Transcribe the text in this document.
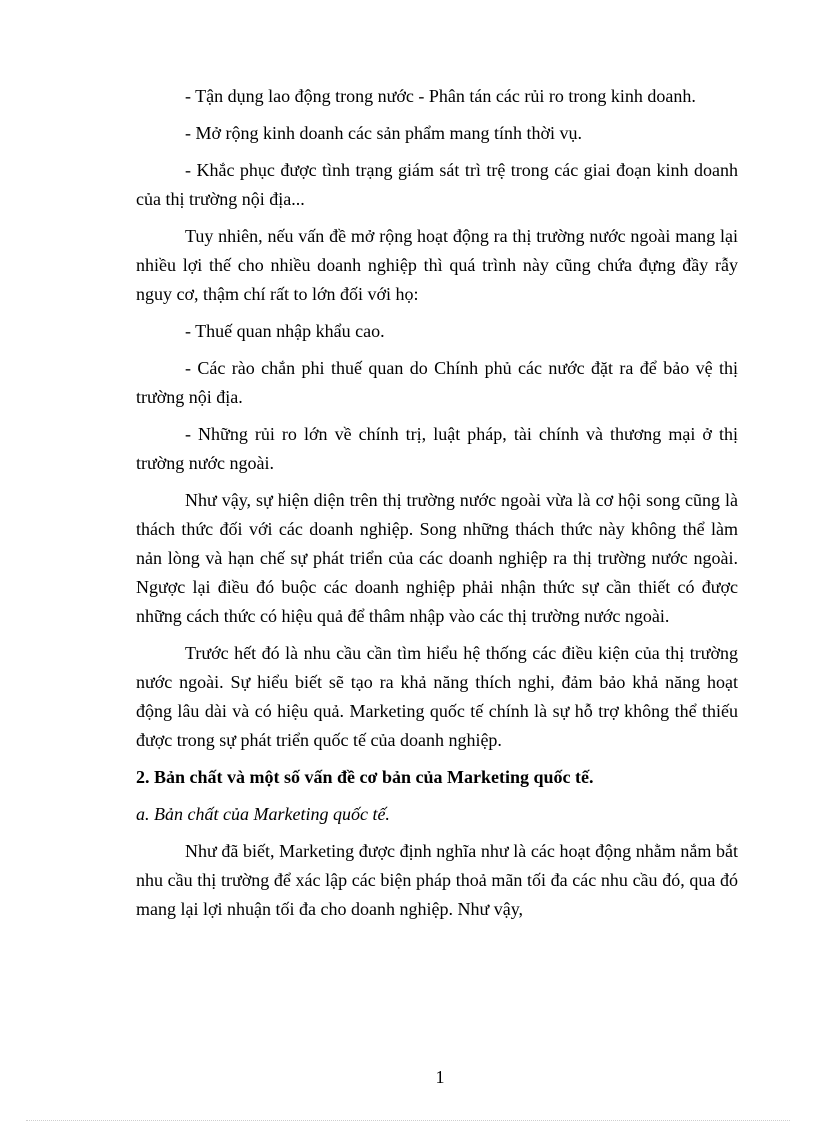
- Tận dụng lao động trong nước - Phân tán các rủi ro trong kinh doanh.

- Mở rộng kinh doanh các sản phẩm mang tính thời vụ.

- Khắc phục được tình trạng giám sát trì trệ trong các giai đoạn kinh doanh của thị trường nội địa...

Tuy nhiên, nếu vấn đề mở rộng hoạt động ra thị trường nước ngoài mang lại nhiều lợi thế cho nhiều doanh nghiệp thì quá trình này cũng chứa đựng đầy rẫy nguy cơ, thậm chí rất to lớn đối với họ:

- Thuế quan nhập khẩu cao.

- Các rào chắn phi thuế quan do Chính phủ các nước đặt ra để bảo vệ thị trường nội địa.

- Những rủi ro lớn về chính trị, luật pháp, tài chính và thương mại ở thị trường nước ngoài.

Như vậy, sự hiện diện trên thị trường nước ngoài vừa là cơ hội song cũng là thách thức đối với các doanh nghiệp. Song những thách thức này không thể làm nản lòng và hạn chế sự phát triển của các doanh nghiệp ra thị trường nước ngoài. Ngược lại điều đó buộc các doanh nghiệp phải nhận thức sự cần thiết có được những cách thức có hiệu quả để thâm nhập vào các thị trường nước ngoài.

Trước hết đó là nhu cầu cần tìm hiểu hệ thống các điều kiện của thị trường nước ngoài. Sự hiểu biết sẽ tạo ra khả năng thích nghi, đảm bảo khả năng hoạt động lâu dài và có hiệu quả. Marketing quốc tế chính là sự hỗ trợ không thể thiếu được trong sự phát triển quốc tế của doanh nghiệp.

2. Bản chất và một số vấn đề cơ bản của Marketing quốc tế.

a. Bản chất của Marketing quốc tế.

Như đã biết, Marketing được định nghĩa như là các hoạt động nhằm nắm bắt nhu cầu thị trường để xác lập các biện pháp thoả mãn tối đa các nhu cầu đó, qua đó mang lại lợi nhuận tối đa cho doanh nghiệp. Như vậy,

1
